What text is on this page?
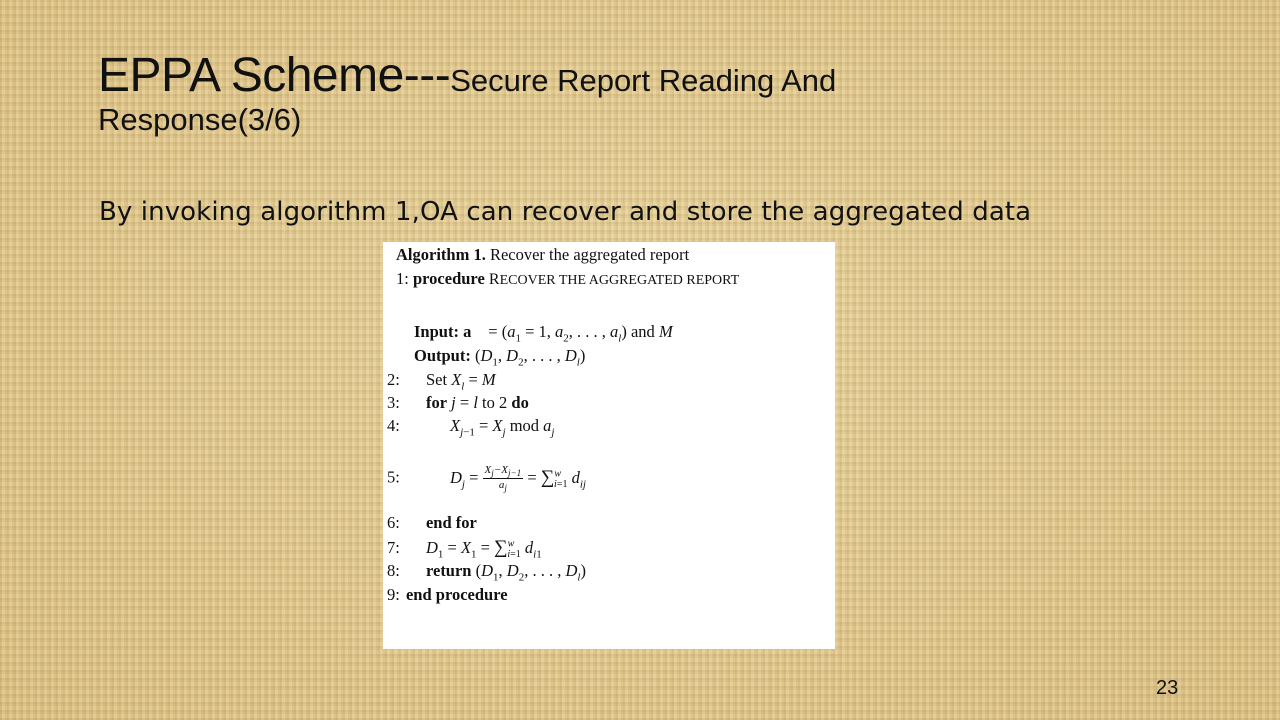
EPPA Scheme---Secure Report Reading And
Response(3/6)
By invoking algorithm 1,OA can recover and store the aggregated data
Algorithm 1. Recover the aggregated report
1: procedure RECOVER THE AGGREGATED REPORT
Input: a⃗ = ($a_1 = 1$, $a_2$, . . . , $a_l$) and M
Output: ($D_1$, $D_2$, . . . , $D_l$)
2: Set $X_l = M$
3: for j = l to 2 do
4:	$X_{j-1} = X_j$ mod $a_j$
5:	$D_j = \frac{X_j-X_{j-1}}{a_j} = \sum^w_{i=1}$ $d_{ij}$
6: end for
7: $D_1 = X_1 = \sum^w_{i=1}$ $d_{i1}$
8: return ($D_1$, $D_2$, . . . , $D_l$)
9: end procedure
23
